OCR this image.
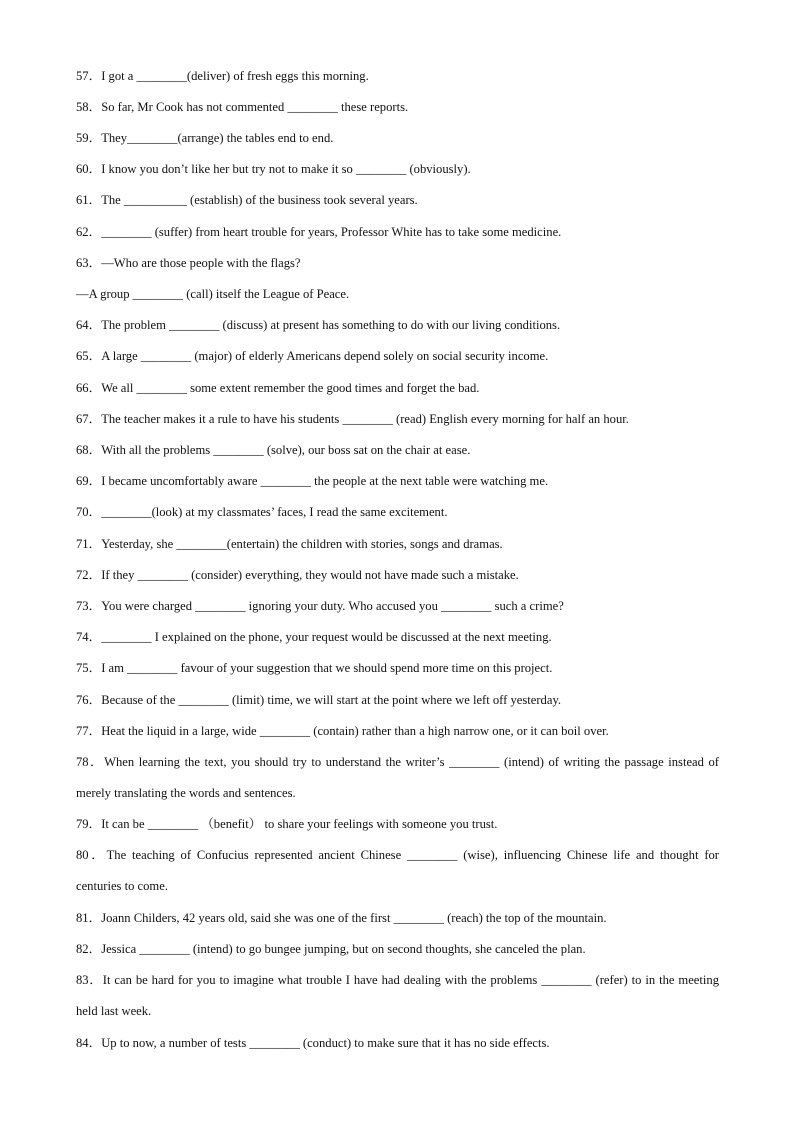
57．I got a ________(deliver) of fresh eggs this morning.

58．So far, Mr Cook has not commented ________ these reports.

59．They________(arrange) the tables end to end.

60．I know you don’t like her but try not to make it so ________ (obviously).

61．The __________ (establish) of the business took several years.

62．________ (suffer) from heart trouble for years, Professor White has to take some medicine.

63．—Who are those people with the flags?

—A group ________ (call) itself the League of Peace.

64．The problem ________ (discuss) at present has something to do with our living conditions.

65．A large ________ (major) of elderly Americans depend solely on social security income.

66．We all ________ some extent remember the good times and forget the bad.

67．The teacher makes it a rule to have his students ________ (read) English every morning for half an hour.

68．With all the problems ________ (solve), our boss sat on the chair at ease.

69．I became uncomfortably aware ________ the people at the next table were watching me.

70．________(look) at my classmates’ faces, I read the same excitement.

71．Yesterday, she ________(entertain) the children with stories, songs and dramas.

72．If they ________ (consider) everything, they would not have made such a mistake.

73．You were charged ________ ignoring your duty. Who accused you ________ such a crime?

74．________ I explained on the phone, your request would be discussed at the next meeting.

75．I am ________ favour of your suggestion that we should spend more time on this project.

76．Because of the ________ (limit) time, we will start at the point where we left off yesterday.

77．Heat the liquid in a large, wide ________ (contain) rather than a high narrow one, or it can boil over.

78．When learning the text, you should try to understand the writer’s ________ (intend) of writing the passage instead of merely translating the words and sentences.

79．It can be ________ （benefit） to share your feelings with someone you trust.

80．The teaching of Confucius represented ancient Chinese ________ (wise), influencing Chinese life and thought for centuries to come.

81．Joann Childers, 42 years old, said she was one of the first ________ (reach) the top of the mountain.

82．Jessica ________ (intend) to go bungee jumping, but on second thoughts, she canceled the plan.

83．It can be hard for you to imagine what trouble I have had dealing with the problems ________ (refer) to in the meeting held last week.

84．Up to now, a number of tests ________ (conduct) to make sure that it has no side effects.
